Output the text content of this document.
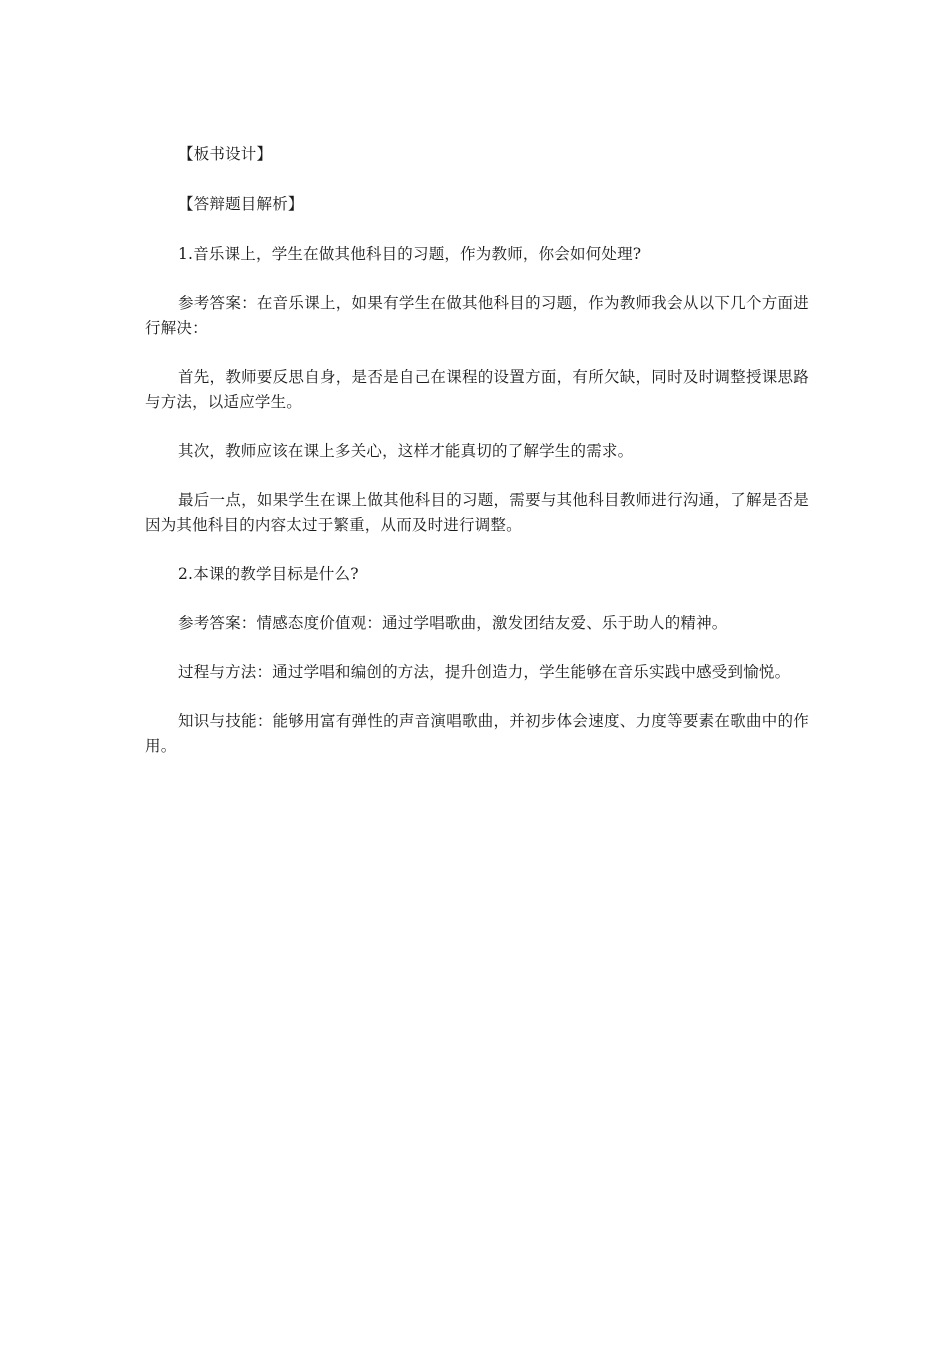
【板书设计】

【答辩题目解析】

1.音乐课上，学生在做其他科目的习题，作为教师，你会如何处理?

参考答案：在音乐课上，如果有学生在做其他科目的习题，作为教师我会从以下几个方面进行解决：

首先，教师要反思自身，是否是自己在课程的设置方面，有所欠缺，同时及时调整授课思路与方法，以适应学生。

其次，教师应该在课上多关心，这样才能真切的了解学生的需求。

最后一点，如果学生在课上做其他科目的习题，需要与其他科目教师进行沟通，了解是否是因为其他科目的内容太过于繁重，从而及时进行调整。

2.本课的教学目标是什么?

参考答案：情感态度价值观：通过学唱歌曲，激发团结友爱、乐于助人的精神。

过程与方法：通过学唱和编创的方法，提升创造力，学生能够在音乐实践中感受到愉悦。

知识与技能：能够用富有弹性的声音演唱歌曲，并初步体会速度、力度等要素在歌曲中的作用。
